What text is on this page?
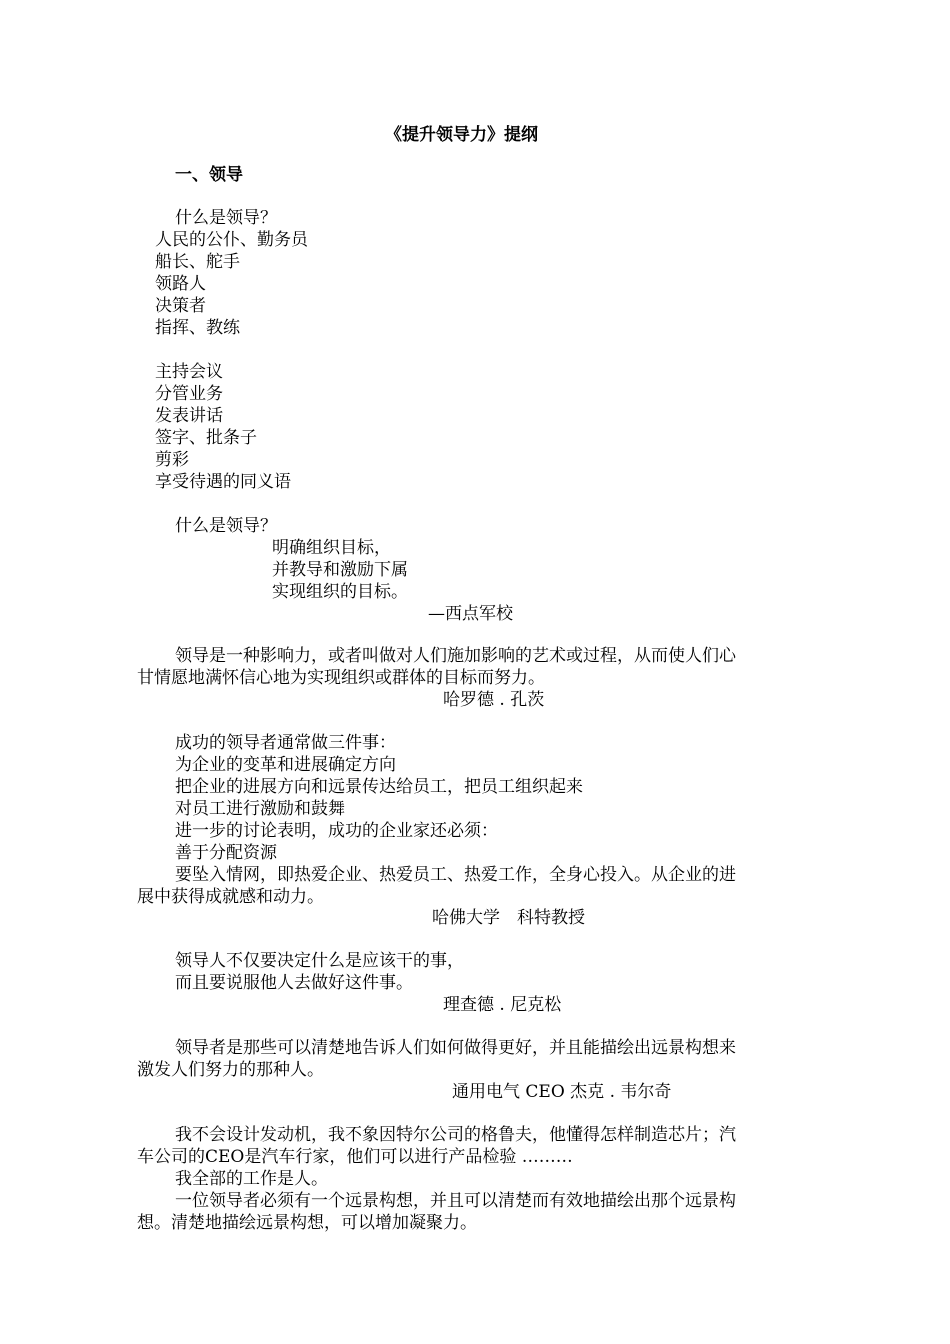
《提升领导力》提纲
一、领导
什么是领导？
人民的公仆、勤务员
船长、舵手
领路人
决策者
指挥、教练
主持会议
分管业务
发表讲话
签字、批条子
剪彩
享受待遇的同义语
什么是领导？
明确组织目标，
并教导和激励下属
实现组织的目标。
—西点军校
领导是一种影响力，或者叫做对人们施加影响的艺术或过程，从而使人们心
甘情愿地满怀信心地为实现组织或群体的目标而努力。
哈罗德 . 孔茨
成功的领导者通常做三件事：
为企业的变革和进展确定方向
把企业的进展方向和远景传达给员工，把员工组织起来
对员工进行激励和鼓舞
进一步的讨论表明，成功的企业家还必须：
善于分配资源
要坠入情网，即热爱企业、热爱员工、热爱工作，全身心投入。从企业的进
展中获得成就感和动力。
哈佛大学　科特教授
领导人不仅要决定什么是应该干的事，
而且要说服他人去做好这件事。
理查德 . 尼克松
领导者是那些可以清楚地告诉人们如何做得更好，并且能描绘出远景构想来
激发人们努力的那种人。
通用电气 CEO 杰克 . 韦尔奇
我不会设计发动机，我不象因特尔公司的格鲁夫，他懂得怎样制造芯片；汽
车公司的CEO是汽车行家，他们可以进行产品检验 ………
我全部的工作是人。
一位领导者必须有一个远景构想，并且可以清楚而有效地描绘出那个远景构
想。清楚地描绘远景构想，可以增加凝聚力。
